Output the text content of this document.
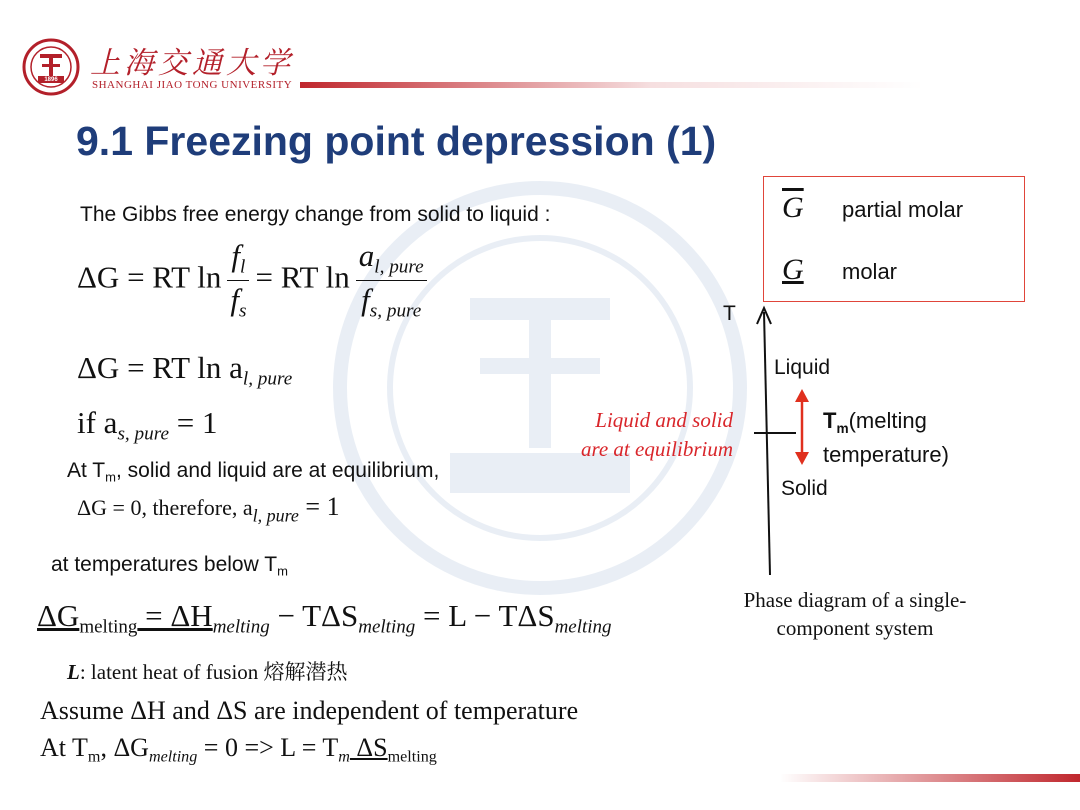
1896 上海交通大学
SHANGHAI JIAO TONG UNIVERSITY
9.1 Freezing point depression (1)
The Gibbs free energy change from solid to liquid :
ΔG = RT $\ln \frac{f_l}{f_s}$ = RT $\ln \frac{a_{l, pure}}{f_{s, pure}}$
ΔG = RT $\ln a_{l, pure}$
if $a_{s, pure} = 1$
At $T_m$, solid and liquid are at equilibrium,
ΔG = 0, therefore, $a_{l, pure} = 1$
at temperatures below $T_m$
$\Delta G_{melting} = \Delta H_{melting} - T\Delta S_{melting} = L - T\Delta S_{melting}$
L: latent heat of fusion 熔解潜热
Assume ΔH and ΔS are independent of temperature
At $T_m$, $\Delta G_{melting} = 0 => L = T_m$ $\Delta S_{melting}$
$\overline{G}$ partial molar
G molar
T
Liquid
Solid
$T_m(melting$
temperature)
Liquid and solid
are at equilibrium
Phase diagram of a single-
component system
